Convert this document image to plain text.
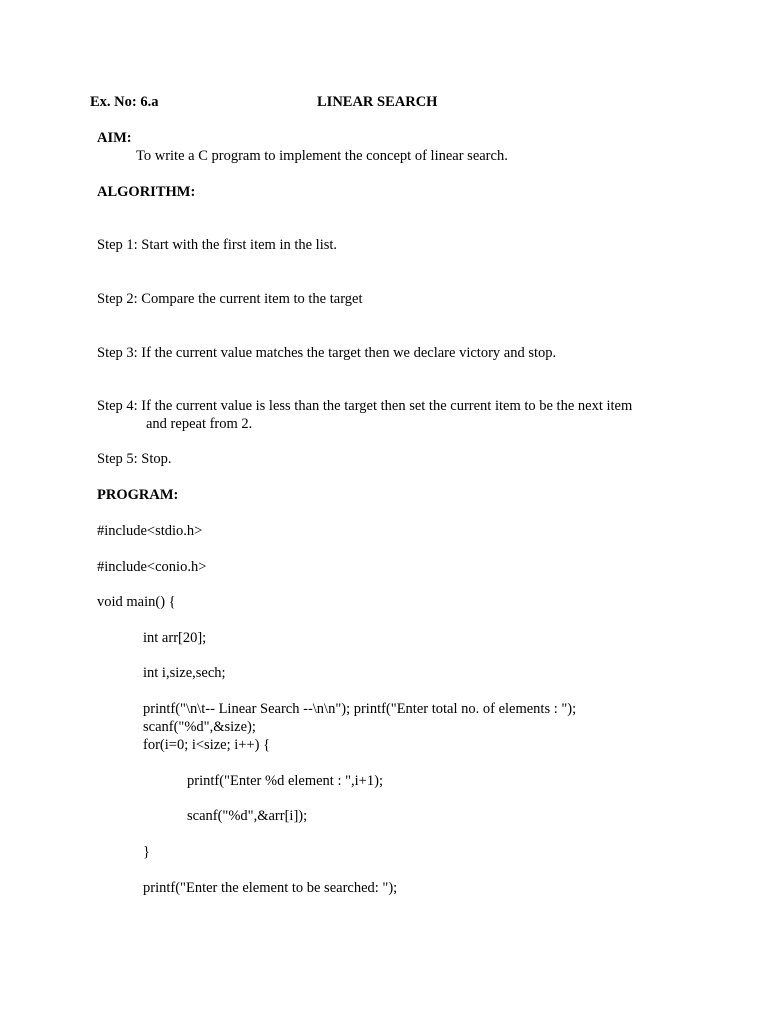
Ex. No: 6.a	LINEAR SEARCH
AIM:
To write a C program to implement the concept of linear search.
ALGORITHM:
Step 1: Start with the first item in the list.
Step 2: Compare the current item to the target
Step 3: If the current value matches the target then we declare victory and stop.
Step 4: If the current value is less than the target then set the current item to be the next item
and repeat from 2.
Step 5: Stop.
PROGRAM:
#include<stdio.h>
#include<conio.h>
void main() {
int arr[20];
int i,size,sech;
printf("\n\t-- Linear Search --\n\n"); printf("Enter total no. of elements : ");
scanf("%d",&size);
for(i=0; i<size; i++) {
printf("Enter %d element : ",i+1);
scanf("%d",&arr[i]);
}
printf("Enter the element to be searched: ");
